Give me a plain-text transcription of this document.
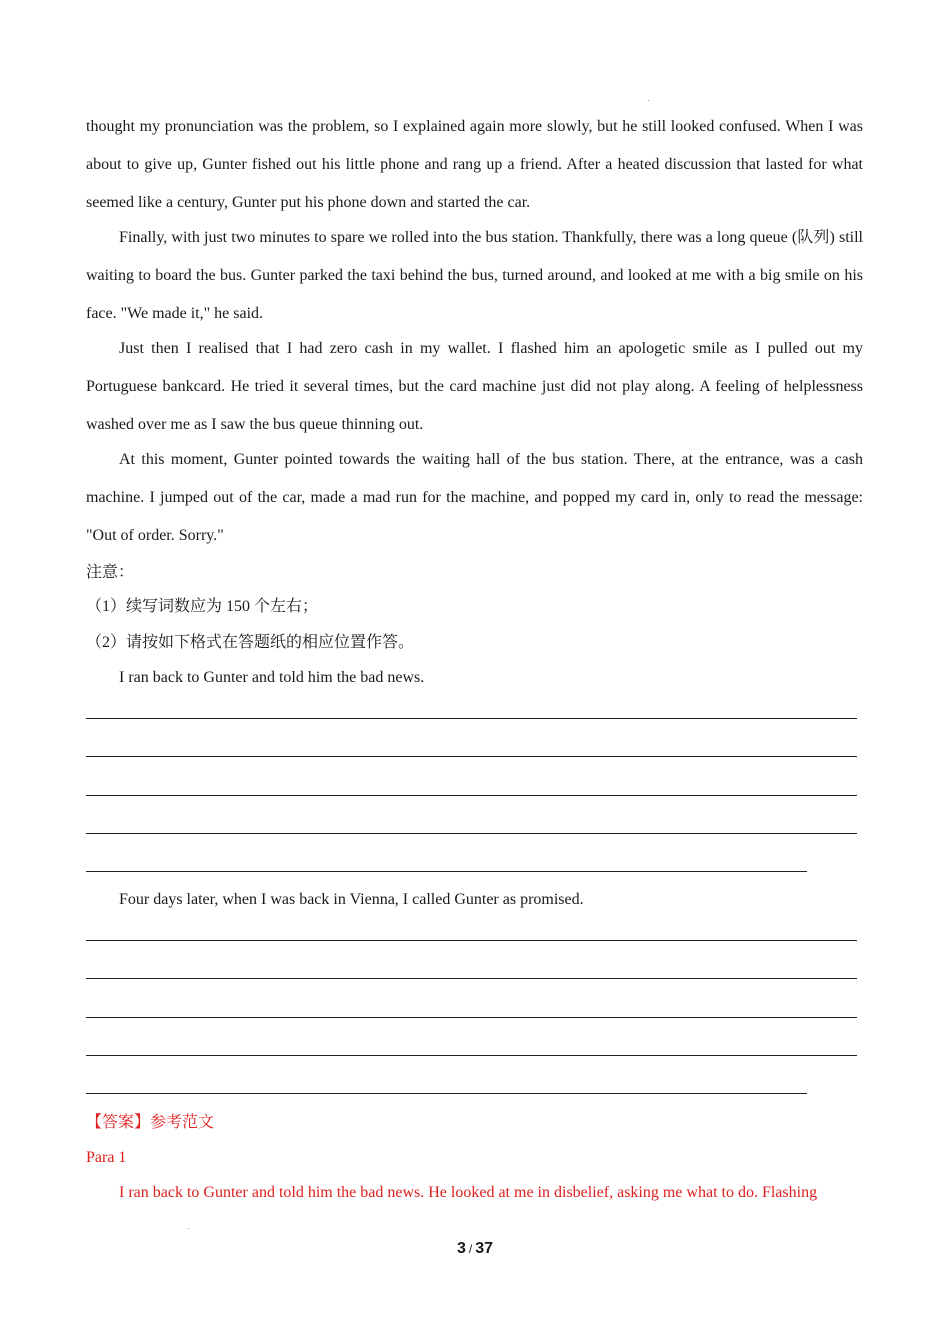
thought my pronunciation was the problem, so I explained again more slowly, but he still looked confused. When I was about to give up, Gunter fished out his little phone and rang up a friend. After a heated discussion that lasted for what seemed like a century, Gunter put his phone down and started the car.

Finally, with just two minutes to spare we rolled into the bus station. Thankfully, there was a long queue (队列) still waiting to board the bus. Gunter parked the taxi behind the bus, turned around, and looked at me with a big smile on his face. "We made it," he said.

Just then I realised that I had zero cash in my wallet. I flashed him an apologetic smile as I pulled out my Portuguese bankcard. He tried it several times, but the card machine just did not play along. A feeling of helplessness washed over me as I saw the bus queue thinning out.

At this moment, Gunter pointed towards the waiting hall of the bus station. There, at the entrance, was a cash machine. I jumped out of the car, made a mad run for the machine, and popped my card in, only to read the message: "Out of order. Sorry."

注意：

（1）续写词数应为 150 个左右；

（2）请按如下格式在答题纸的相应位置作答。

I ran back to Gunter and told him the bad news.

Four days later, when I was back in Vienna, I called Gunter as promised.

【答案】参考范文

Para 1

I ran back to Gunter and told him the bad news. He looked at me in disbelief, asking me what to do. Flashing

3 / 37
